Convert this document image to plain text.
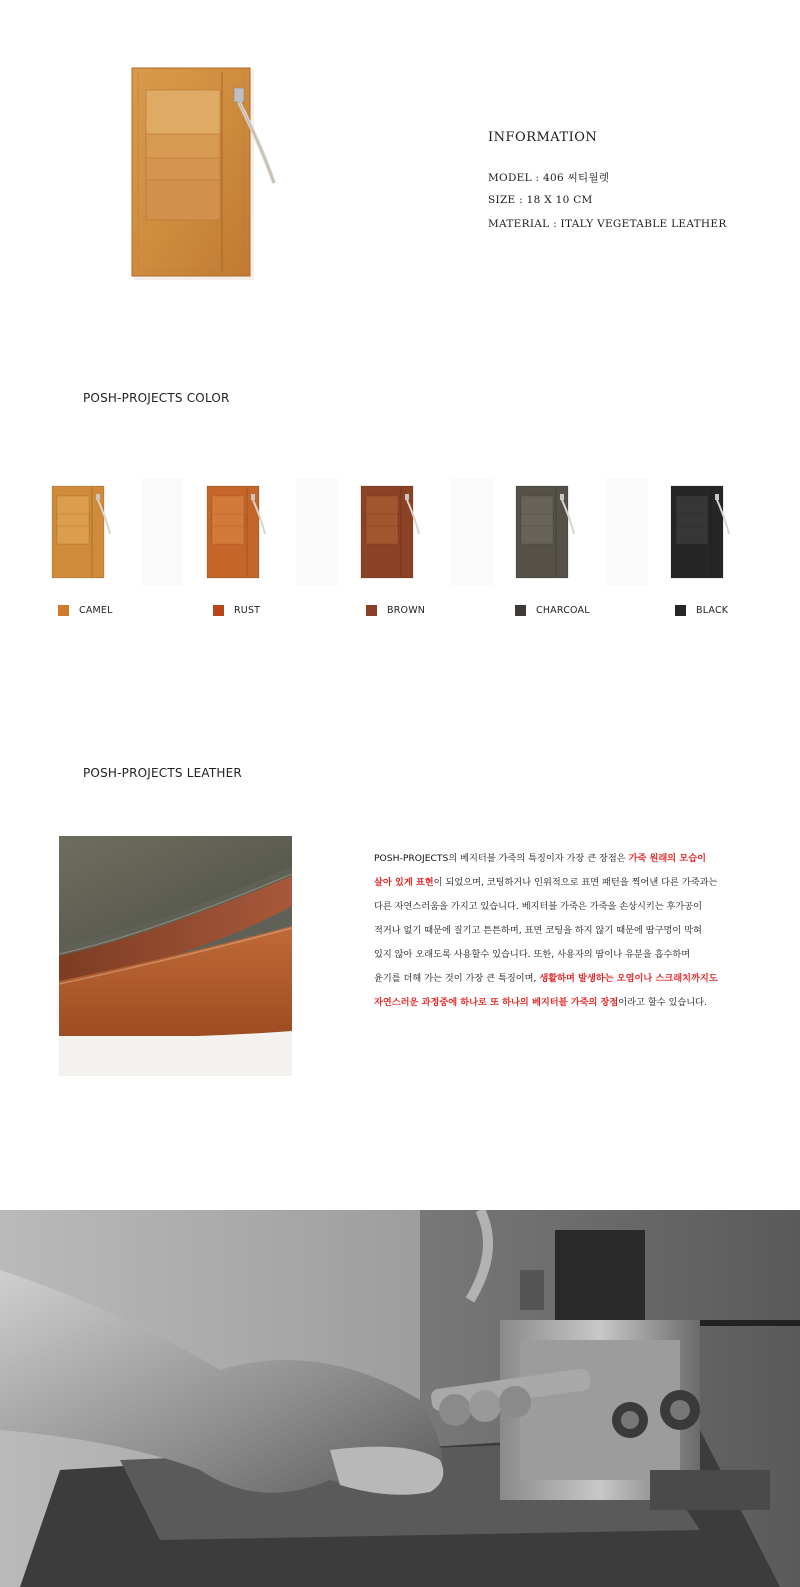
INFORMATION
MODEL : 406 씨티월렛
SIZE : 18 X 10 CM
MATERIAL : ITALY VEGETABLE LEATHER
POSH-PROJECTS COLOR
CAMEL	RUST	BROWN	CHARCOAL	BLACK
POSH-PROJECTS LEATHER
POSH-PROJECTS의 베지터블 가죽의 특징이자 가장 큰 장점은 가죽 원래의 모습이
살아 있게 표현이 되었으며, 코팅하거나 인위적으로 표면 패턴을 찍어낸 다른 가죽과는
다른 자연스러움을 가지고 있습니다. 베지터블 가죽은 가죽을 손상시키는 후가공이
적거나 없기 때문에 질기고 튼튼하며, 표면 코팅을 하지 않기 때문에 땀구멍이 막혀
있지 않아 오래도록 사용할수 있습니다. 또한, 사용자의 땀이나 유분을 흡수하며
윤기를 더해 가는 것이 가장 큰 특징이며, 생활하며 발생하는 오염이나 스크래치까지도
자연스러운 과정중에 하나로 또 하나의 베지터블 가죽의 장점이라고 할수 있습니다.
